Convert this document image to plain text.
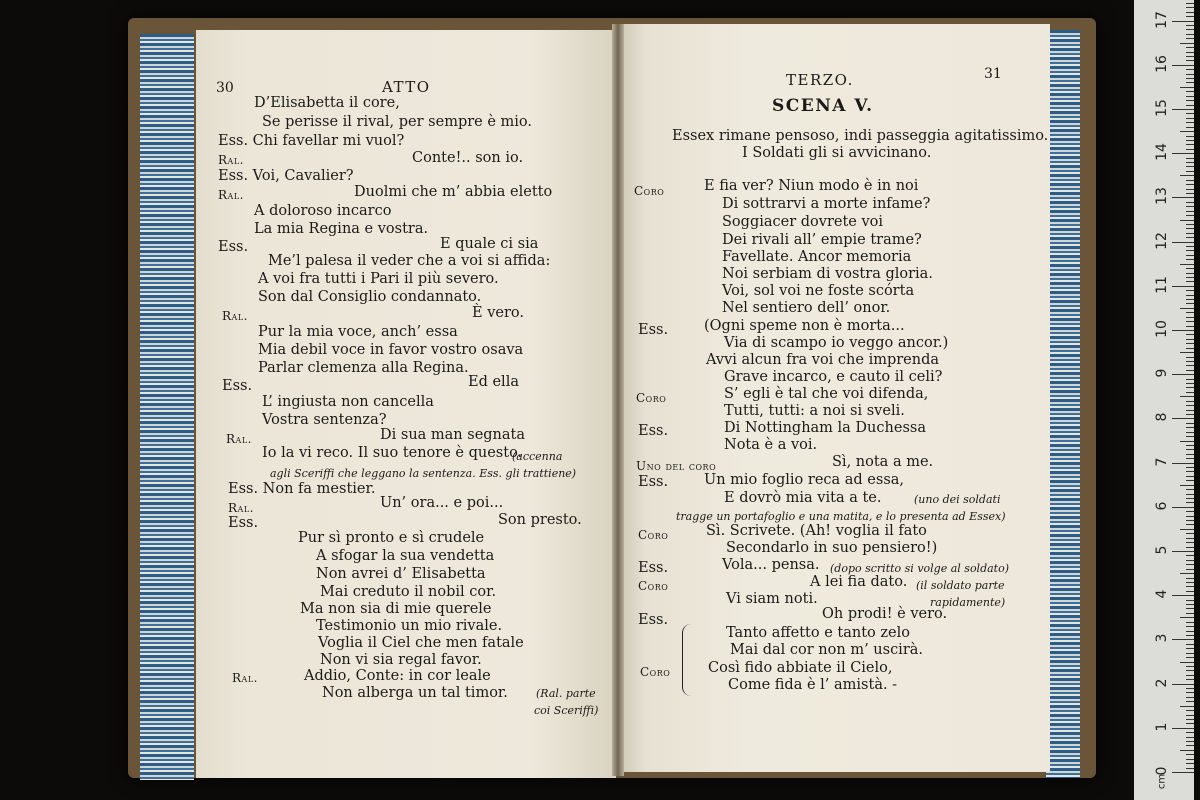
30	ATTO
31
TERZO.
SCENA V.
D’Elisabetta il core,
Se perisse il rival, per sempre è mio.
Ess. Chi favellar mi vuol?
Ral.	Conte!.. son io.
Ess. Voi, Cavalier?
Ral.	Duolmi che m’ abbia eletto
A doloroso incarco
La mia Regina e vostra.
Ess.	E quale ci sia
Me’l palesa il veder che a voi si affida:
A voi fra tutti i Pari il più severo.
Son dal Consiglio condannato.
Ral.	È vero.
Pur la mia voce, anch’ essa
Mia debil voce in favor vostro osava
Parlar clemenza alla Regina.
Ess.	Ed ella
L’ ingiusta non cancella
Vostra sentenza?
Ral.	Di sua man segnata
Io la vi reco. Il suo tenore è questo.
(accenna
agli Sceriffi che leggano la sentenza. Ess. gli trattiene)
Ess. Non fa mestier.
Ral.	Un’ ora... e poi...
Ess.	Son presto.
Pur sì pronto e sì crudele
A sfogar la sua vendetta
Non avrei d’ Elisabetta
Mai creduto il nobil cor.
Ma non sia di mie querele
Testimonio un mio rivale.
Voglia il Ciel che men fatale
Non vi sia regal favor.
Ral.	Addio, Conte: in cor leale
Non alberga un tal timor.	(Ral. parte
coi Sceriffi)
Essex rimane pensoso, indi passeggia agitatissimo.
I Soldati gli si avvicinano.
Coro	E fia ver? Niun modo è in noi
Di sottrarvi a morte infame?
Soggiacer dovrete voi
Dei rivali all’ empie trame?
Favellate. Ancor memoria
Noi serbiam di vostra gloria.
Voi, sol voi ne foste scórta
Nel sentiero dell’ onor.
Ess. (Ogni speme non è morta...
Via di scampo io veggo ancor.)
Avvi alcun fra voi che imprenda
Grave incarco, e cauto il celi?
Coro	S’ egli è tal che voi difenda,
Tutti, tutti: a noi si sveli.
Ess.	Di Nottingham la Duchessa
Nota è a voi.
Uno del coro	Sì, nota a me.
Ess. Un mio foglio reca ad essa,
E dovrò mia vita a te.	(uno dei soldati
tragge un portafoglio e una matita, e lo presenta ad Essex)
Coro	Sì. Scrivete. (Ah! voglia il fato
Secondarlo in suo pensiero!)
Ess.	Vola... pensa. (dopo scritto si volge al soldato)
Coro	A lei fia dato. (il soldato parte
Vi siam noti.	rapidamente)
Ess.	Oh prodi! è vero.
Tanto affetto e tanto zelo
Mai dal cor non m’ uscirà.
Coro	Così fido abbiate il Cielo,
Come fida è l’ amistà. -
0
1
2
3
4
5
6
7
8
9
10
11
12
13
14
15
16
17
cm
